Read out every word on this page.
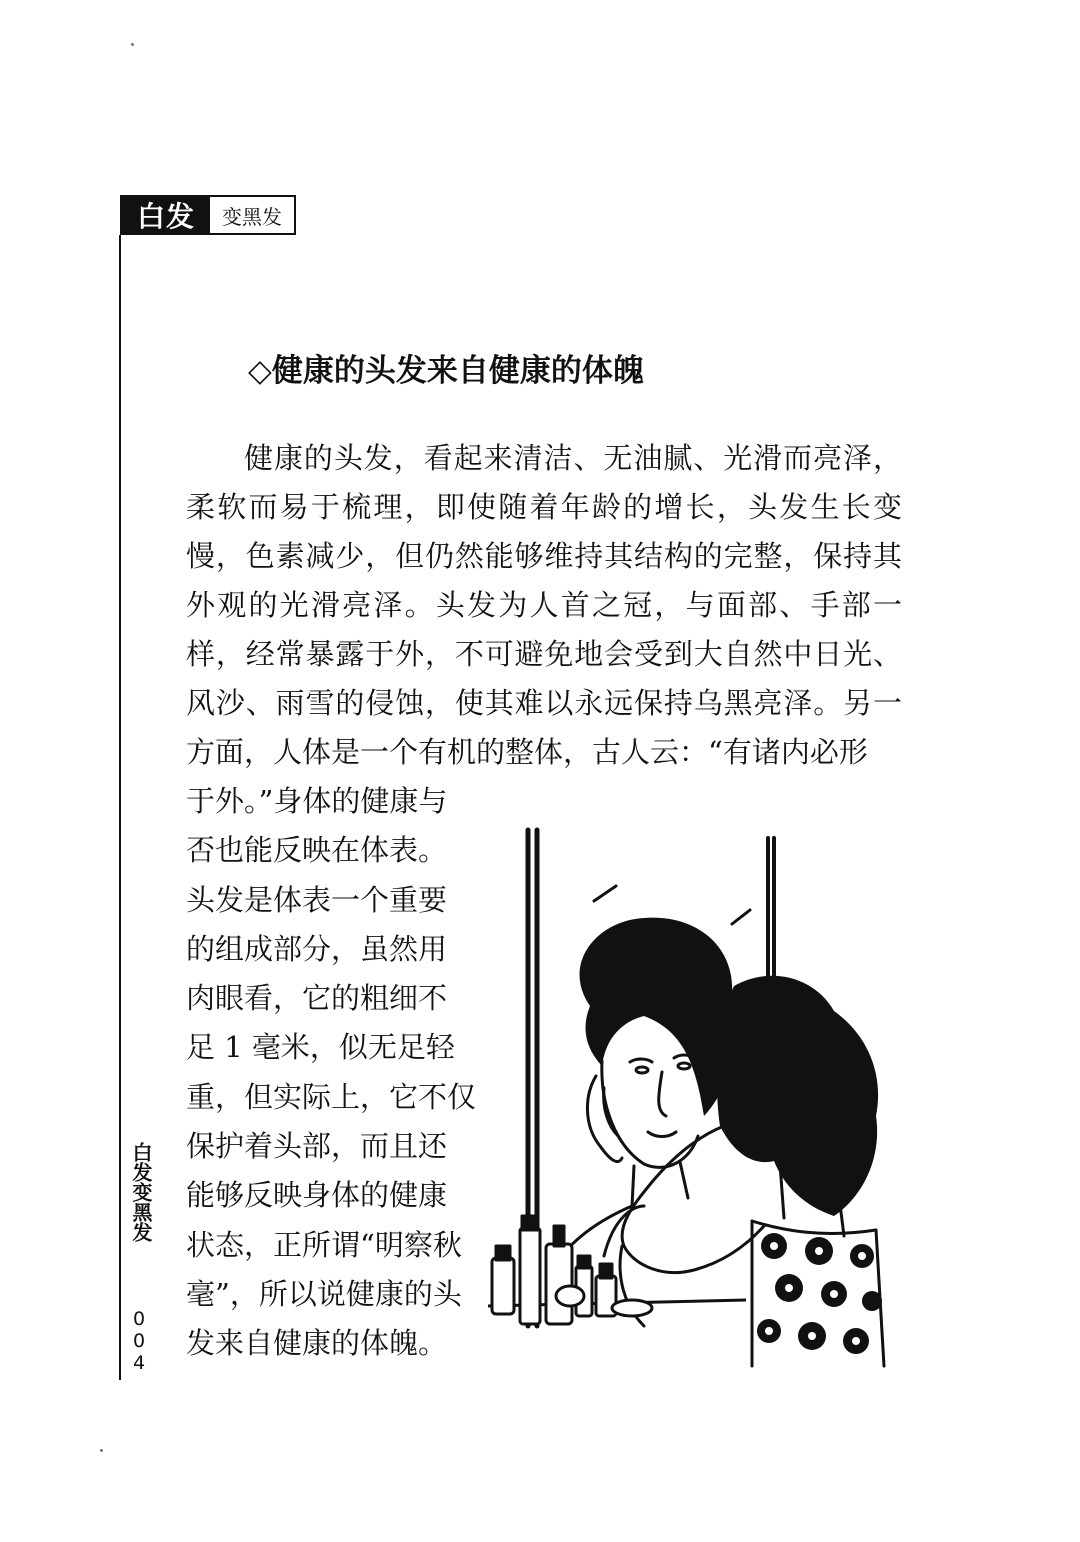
白发	变黑发
白发变黑发
004
◇健康的头发来自健康的体魄

健康的头发，看起来清洁、无油腻、光滑而亮泽，柔软而易于梳理，即使随着年龄的增长，头发生长变慢，色素减少，但仍然能够维持其结构的完整，保持其外观的光滑亮泽。头发为人首之冠，与面部、手部一样，经常暴露于外，不可避免地会受到大自然中日光、风沙、雨雪的侵蚀，使其难以永远保持乌黑亮泽。另一方面，人体是一个有机的整体，古人云：“有诸内必形

于外。”身体的健康与
否也能反映在体表。
头发是体表一个重要
的组成部分，虽然用
肉眼看，它的粗细不
足 1 毫米，似无足轻
重，但实际上，它不仅
保护着头部，而且还
能够反映身体的健康
状态，正所谓“明察秋
毫”，所以说健康的头
发来自健康的体魄。
